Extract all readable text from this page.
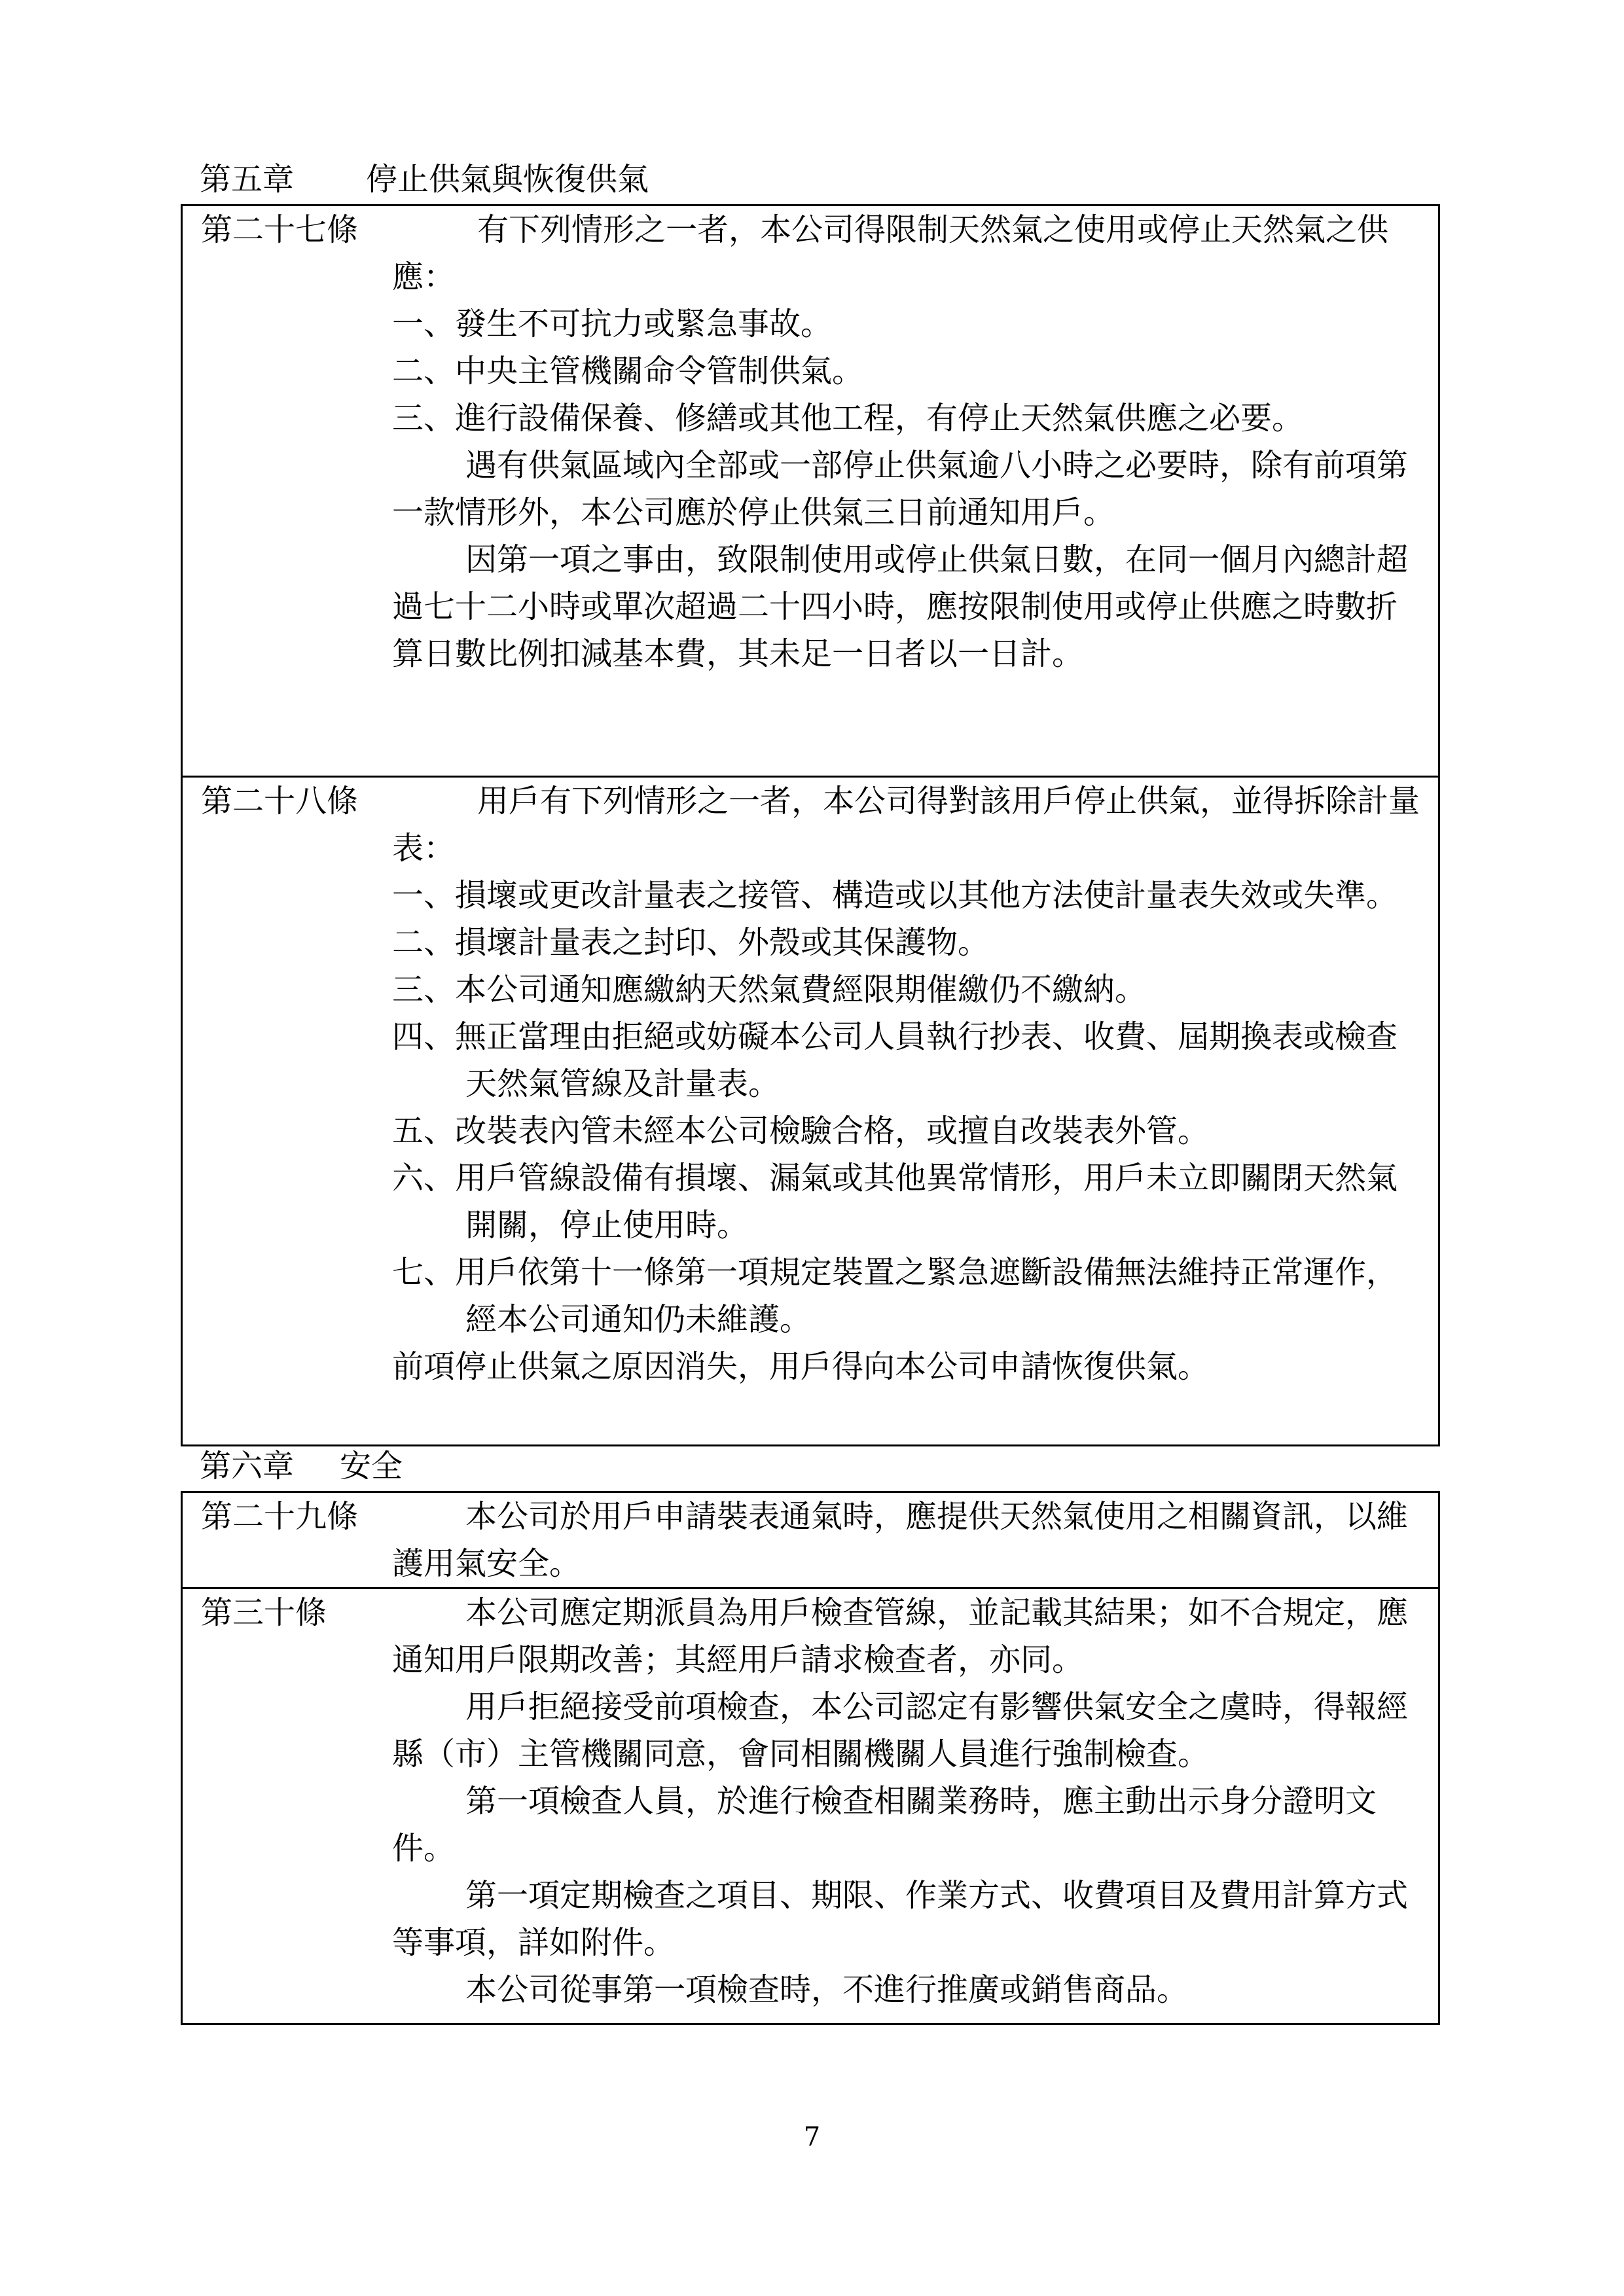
第五章 停止供氣與恢復供氣
第二十七條	有下列情形之一者，本公司得限制天然氣之使用或停止天然氣之供應：

一、發生不可抗力或緊急事故。

二、中央主管機關命令管制供氣。

三、進行設備保養、修繕或其他工程，有停止天然氣供應之必要。

遇有供氣區域內全部或一部停止供氣逾八小時之必要時，除有前項第一款情形外，本公司應於停止供氣三日前通知用戶。

因第一項之事由，致限制使用或停止供氣日數，在同一個月內總計超過七十二小時或單次超過二十四小時，應按限制使用或停止供應之時數折算日數比例扣減基本費，其未足一日者以一日計。

第二十八條	用戶有下列情形之一者，本公司得對該用戶停止供氣，並得拆除計量表：

一、損壞或更改計量表之接管、構造或以其他方法使計量表失效或失準。

二、損壞計量表之封印、外殼或其保護物。

三、本公司通知應繳納天然氣費經限期催繳仍不繳納。

四、無正當理由拒絕或妨礙本公司人員執行抄表、收費、屆期換表或檢查天然氣管線及計量表。

五、改裝表內管未經本公司檢驗合格，或擅自改裝表外管。

六、用戶管線設備有損壞、漏氣或其他異常情形，用戶未立即關閉天然氣開關，停止使用時。

七、用戶依第十一條第一項規定裝置之緊急遮斷設備無法維持正常運作，經本公司通知仍未維護。

前項停止供氣之原因消失，用戶得向本公司申請恢復供氣。

第六章 安全
第二十九條	本公司於用戶申請裝表通氣時，應提供天然氣使用之相關資訊，以維護用氣安全。

第三十條	本公司應定期派員為用戶檢查管線，並記載其結果；如不合規定，應通知用戶限期改善；其經用戶請求檢查者，亦同。

用戶拒絕接受前項檢查，本公司認定有影響供氣安全之虞時，得報經縣（市）主管機關同意，會同相關機關人員進行強制檢查。

第一項檢查人員，於進行檢查相關業務時，應主動出示身分證明文件。

第一項定期檢查之項目、期限、作業方式、收費項目及費用計算方式等事項，詳如附件。

本公司從事第一項檢查時，不進行推廣或銷售商品。

7
